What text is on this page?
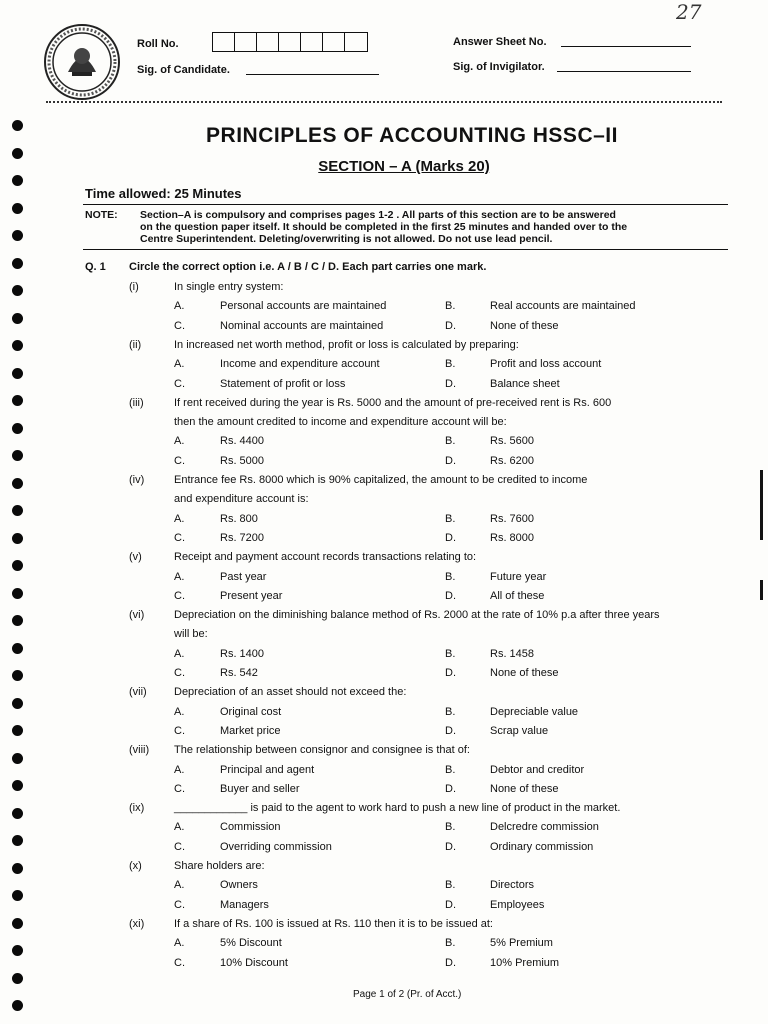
27
Roll No.	Answer Sheet No.
Sig. of Candidate.	Sig. of Invigilator.
PRINCIPLES OF ACCOUNTING HSSC–II
SECTION – A (Marks 20)
Time allowed: 25 Minutes
NOTE: Section–A is compulsory and comprises pages 1-2 . All parts of this section are to be answered
on the question paper itself. It should be completed in the first 25 minutes and handed over to the
Centre Superintendent. Deleting/overwriting is not allowed. Do not use lead pencil.
Q. 1 Circle the correct option i.e. A / B / C / D. Each part carries one mark.
(i)	In single entry system:
A.	Personal accounts are maintained	B.	Real accounts are maintained
C.	Nominal accounts are maintained	D.	None of these
(ii)	In increased net worth method, profit or loss is calculated by preparing:
A.	Income and expenditure account	B.	Profit and loss account
C.	Statement of profit or loss	D.	Balance sheet
(iii)	If rent received during the year is Rs. 5000 and the amount of pre-received rent is Rs. 600
then the amount credited to income and expenditure account will be:
A.	Rs. 4400	B.	Rs. 5600
C.	Rs. 5000	D.	Rs. 6200
(iv)	Entrance fee Rs. 8000 which is 90% capitalized, the amount to be credited to income
and expenditure account is:
A.	Rs. 800	B.	Rs. 7600
C.	Rs. 7200	D.	Rs. 8000
(v)	Receipt and payment account records transactions relating to:
A.	Past year	B.	Future year
C.	Present year	D.	All of these
(vi)	Depreciation on the diminishing balance method of Rs. 2000 at the rate of 10% p.a after three years
will be:
A.	Rs. 1400	B.	Rs. 1458
C.	Rs. 542	D.	None of these
(vii) Depreciation of an asset should not exceed the:
A.	Original cost	B.	Depreciable value
C.	Market price	D.	Scrap value
(viii) The relationship between consignor and consignee is that of:
A.	Principal and agent	B.	Debtor and creditor
C.	Buyer and seller	D.	None of these
(ix)	____________ is paid to the agent to work hard to push a new line of product in the market.
A.	Commission	B.	Delcredre commission
C.	Overriding commission	D.	Ordinary commission
(x)	Share holders are:
A.	Owners	B.	Directors
C.	Managers	D.	Employees
(xi)	If a share of Rs. 100 is issued at Rs. 110 then it is to be issued at:
A.	5% Discount	B.	5% Premium
C.	10% Discount	D.	10% Premium
Page 1 of 2 (Pr. of Acct.)
